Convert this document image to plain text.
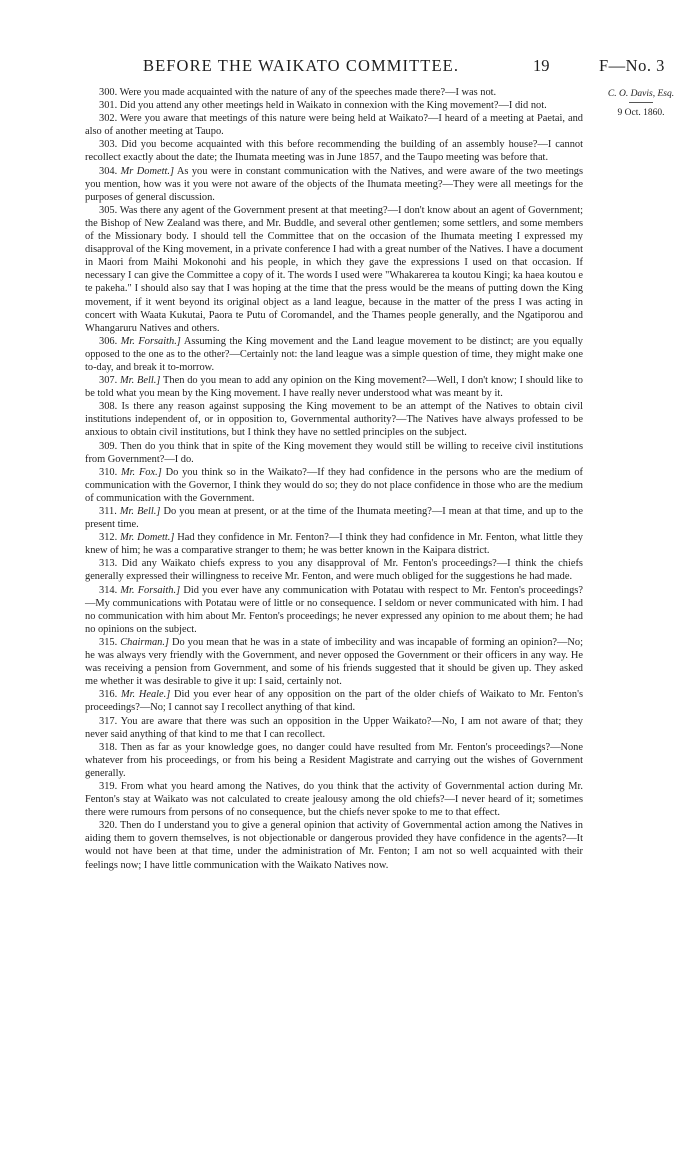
BEFORE THE WAIKATO COMMITTEE.	19	F—No. 3
C. O. Davis, Esq.
9 Oct. 1860.

300. Were you made acquainted with the nature of any of the speeches made there?—I was not.

301. Did you attend any other meetings held in Waikato in connexion with the King movement?—I did not.

302. Were you aware that meetings of this nature were being held at Waikato?—I heard of a meeting at Paetai, and also of another meeting at Taupo.

303. Did you become acquainted with this before recommending the building of an assembly house?—I cannot recollect exactly about the date; the Ihumata meeting was in June 1857, and the Taupo meeting was before that.

304. Mr Domett.] As you were in constant communication with the Natives, and were aware of the two meetings you mention, how was it you were not aware of the objects of the Ihumata meeting?—They were all meetings for the purposes of general discussion.

305. Was there any agent of the Government present at that meeting?—I don't know about an agent of Government; the Bishop of New Zealand was there, and Mr. Buddle, and several other gentlemen; some settlers, and some members of the Missionary body. I should tell the Committee that on the occasion of the Ihumata meeting I expressed my disapproval of the King movement, in a private conference I had with a great number of the Natives. I have a document in Maori from Maihi Mokonohi and his people, in which they gave the expressions I used on that occasion. If necessary I can give the Committee a copy of it. The words I used were "Whakarerea ta koutou Kingi; ka haea koutou e te pakeha." I should also say that I was hoping at the time that the press would be the means of putting down the King movement, if it went beyond its original object as a land league, because in the matter of the press I was acting in concert with Waata Kukutai, Paora te Putu of Coromandel, and the Thames people generally, and the Ngatiporou and Whangaruru Natives and others.

306. Mr. Forsaith.] Assuming the King movement and the Land league movement to be distinct; are you equally opposed to the one as to the other?—Certainly not: the land league was a simple question of time, they might make one to-day, and break it to-morrow.

307. Mr. Bell.] Then do you mean to add any opinion on the King movement?—Well, I don't know; I should like to be told what you mean by the King movement. I have really never understood what was meant by it.

308. Is there any reason against supposing the King movement to be an attempt of the Natives to obtain civil institutions independent of, or in opposition to, Governmental authority?—The Natives have always professed to be anxious to obtain civil institutions, but I think they have no settled principles on the subject.

309. Then do you think that in spite of the King movement they would still be willing to receive civil institutions from Government?—I do.

310. Mr. Fox.] Do you think so in the Waikato?—If they had confidence in the persons who are the medium of communication with the Governor, I think they would do so; they do not place confidence in those who are the medium of communication with the Government.

311. Mr. Bell.] Do you mean at present, or at the time of the Ihumata meeting?—I mean at that time, and up to the present time.

312. Mr. Domett.] Had they confidence in Mr. Fenton?—I think they had confidence in Mr. Fenton, what little they knew of him; he was a comparative stranger to them; he was better known in the Kaipara district.

313. Did any Waikato chiefs express to you any disapproval of Mr. Fenton's proceedings?—I think the chiefs generally expressed their willingness to receive Mr. Fenton, and were much obliged for the suggestions he had made.

314. Mr. Forsaith.] Did you ever have any communication with Potatau with respect to Mr. Fenton's proceedings?—My communications with Potatau were of little or no consequence. I seldom or never communicated with him. I had no communication with him about Mr. Fenton's proceedings; he never expressed any opinion to me about them; he had no opinions on the subject.

315. Chairman.] Do you mean that he was in a state of imbecility and was incapable of forming an opinion?—No; he was always very friendly with the Government, and never opposed the Government or their officers in any way. He was receiving a pension from Government, and some of his friends suggested that it should be given up. They asked me whether it was desirable to give it up: I said, certainly not.

316. Mr. Heale.] Did you ever hear of any opposition on the part of the older chiefs of Waikato to Mr. Fenton's proceedings?—No; I cannot say I recollect anything of that kind.

317. You are aware that there was such an opposition in the Upper Waikato?—No, I am not aware of that; they never said anything of that kind to me that I can recollect.

318. Then as far as your knowledge goes, no danger could have resulted from Mr. Fenton's proceedings?—None whatever from his proceedings, or from his being a Resident Magistrate and carrying out the wishes of Government generally.

319. From what you heard among the Natives, do you think that the activity of Governmental action during Mr. Fenton's stay at Waikato was not calculated to create jealousy among the old chiefs?—I never heard of it; sometimes there were rumours from persons of no consequence, but the chiefs never spoke to me to that effect.

320. Then do I understand you to give a general opinion that activity of Governmental action among the Natives in aiding them to govern themselves, is not objectionable or dangerous provided they have confidence in the agents?—It would not have been at that time, under the administration of Mr. Fenton; I am not so well acquainted with their feelings now; I have little communication with the Waikato Natives now.
